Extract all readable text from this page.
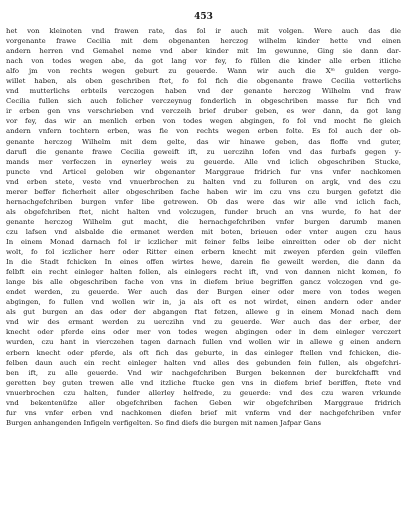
453
het von kleinoten vnd frawen rate, das fol ir auch mit volgen. Were auch das die
vorgenante frawe Cecilia mit dem obgenanten herczog wilhelm kinder hette vnd einen
andern herren vnd Gemahel neme vnd aber kinder mit Im gewunne, Ging sie dann dar-
nach von todes wegen abe, da got lang vor fey, fo füllen die kinder alle erben itliche
alfo jm von rechts wegen geburt zu geuerde. Wann wir auch die Xᵐ gulden vergo-
willet haben, als oben geschriben ftet, fo fol fich die obgenante frawe Cecilia vetterlichs
vnd mutterlichs erbteils verczogen haben vnd der genante herczog Wilhelm vnd fraw
Cecilia fullen sich auch folicher verczeynug fonderlich in obgeschriben masse fur fich vnd
ir erben gen vns verschrieben vnd verczeih brief druber geben, es wer dann, da got lang
vor fey, das wir an menlich erben von todes wegen abgingen, fo fol vnd mocht fie gleich
andern vnfern tochtern erben, was fie von rechts wegen erben folte. Es fol auch der ob-
genante herczog Wilhelm mit dem gelte, das wir hinawe geben, das floffe vnd guter,
darufl die genante frawe Cecilia geweift ift, zu uerczihn lofen vnd das furbafs gegen y-
mands mer verfeczen in eynerley weis zu geuerde. Alle vnd iclich obgeschriben Stucke,
puncte vnd Articel geloben wir obgenanter Marggraue fridrich fur vns vnfer nachkomen
vnd erben stete, veste vnd vnuerbrochen zu halten vnd zu folluren on argk, vnd des czu
merer beffer ficherheit aller obgeschriben fache haben wir im czu vns czu burgen gefetzt die
hernachgefchriben burgen vnfer libe getrewen. Ob das were das wir alle vnd iclich fach,
als obgefchriben ftet, nicht halten vnd volczugen, funder bruch an vns wurde, fo hat der
genante herczog Wilhelm gut macht, die hernachgefchriben vnfer burgen darumb manen
czu lafsen vnd alsbalde die ermanet werden mit boten, brieuen oder vnter augen czu haus
In einem Monad darnach fol ir iczlicher mit feiner felbs leibe einreitten oder ob der nicht
wolt, fo fol iczlicher herr oder Ritter einen erbern knecht mit zweyen pferden gein vileffen
In die Stadt fchicken In eines offen wirtes hewe, darein fie geweilt werden, die dann da
felbft ein recht einleger halten follen, als einlegers recht ift, vnd von dannen nicht komen, fo
lange bis alle obgeschriben fache von vns in diefem briue begriffen gancz volczogen vnd ge-
endet werden, zu geuerde. Wer auch das der Burgen einer oder mere von todes wegen
abgingen, fo fullen vnd wollen wir in, ja als oft es not wirdet, einen andern oder ander
als gut burgen an das oder der abgangen ftat fetzen, allewe g in einem Monad nach dem
vnd wir des ermant werden zu uerczihn vnd zu geuerde. Wer auch das der erber, der
knecht oder pferde eins oder mer von todes wegen abgingen oder in dem einleger verczert
wurden, czu hant in vierczehen tagen darnach fullen vnd wollen wir in allewe g einen andern
erbern knecht oder pferde, als oft fich das geburte, in das einleger ftellen vnd fchicken, die-
felben daun auch ein recht einleger halten vnd alles des gebunden fein fullen, als obgefchri-
ben ift, zu alle geuerde. Vnd wir nachgefchriben Burgen bekennen der burckfchafft vnd
geretten bey guten trewen alle vnd itzliche ftucke gen vns in diefem brief beriffen, ftete vnd
vnuerbrochen czu halten, funder allerley helfrede, zu geuerde: vnd des czu waren vrkunde
vnd bekentenüfze aller obgefchriben fachen Geben wir obgefchriben Marggraue fridrich
fur vns vnfer erben vnd nachkomen diefen brief mit vnferm vnd der nachgefchriben vnfer
Burgen anhangenden Infigeln verfigelten. So find diefs die burgen mit namen Jafpar Gans
